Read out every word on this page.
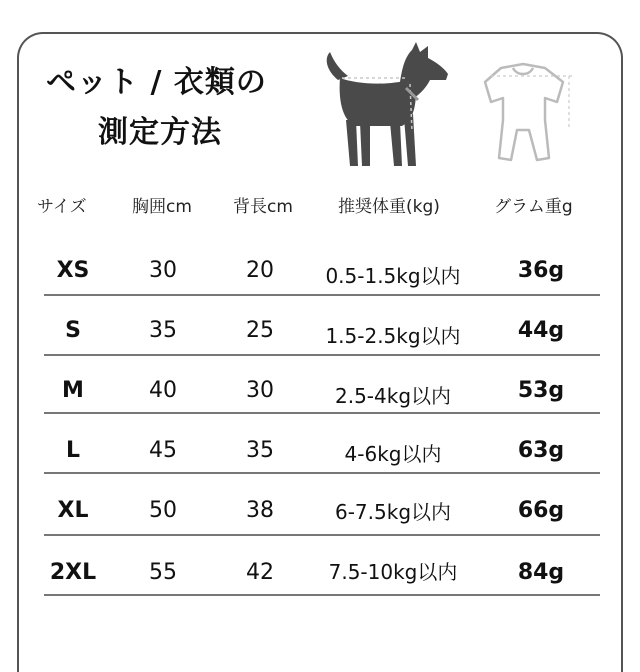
ペット / 衣類の
測定方法
サイズ	胸囲cm 背長cm	推奨体重(kg)	グラム重g
XS	30	20	0.5-1.5kg以内	36g
S	35	25	1.5-2.5kg以内	44g
M	40	30	2.5-4kg以内	53g
L	45	35	4-6kg以内	63g
XL	50	38	6-7.5kg以内	66g
2XL 55	42	7.5-10kg以内	84g
